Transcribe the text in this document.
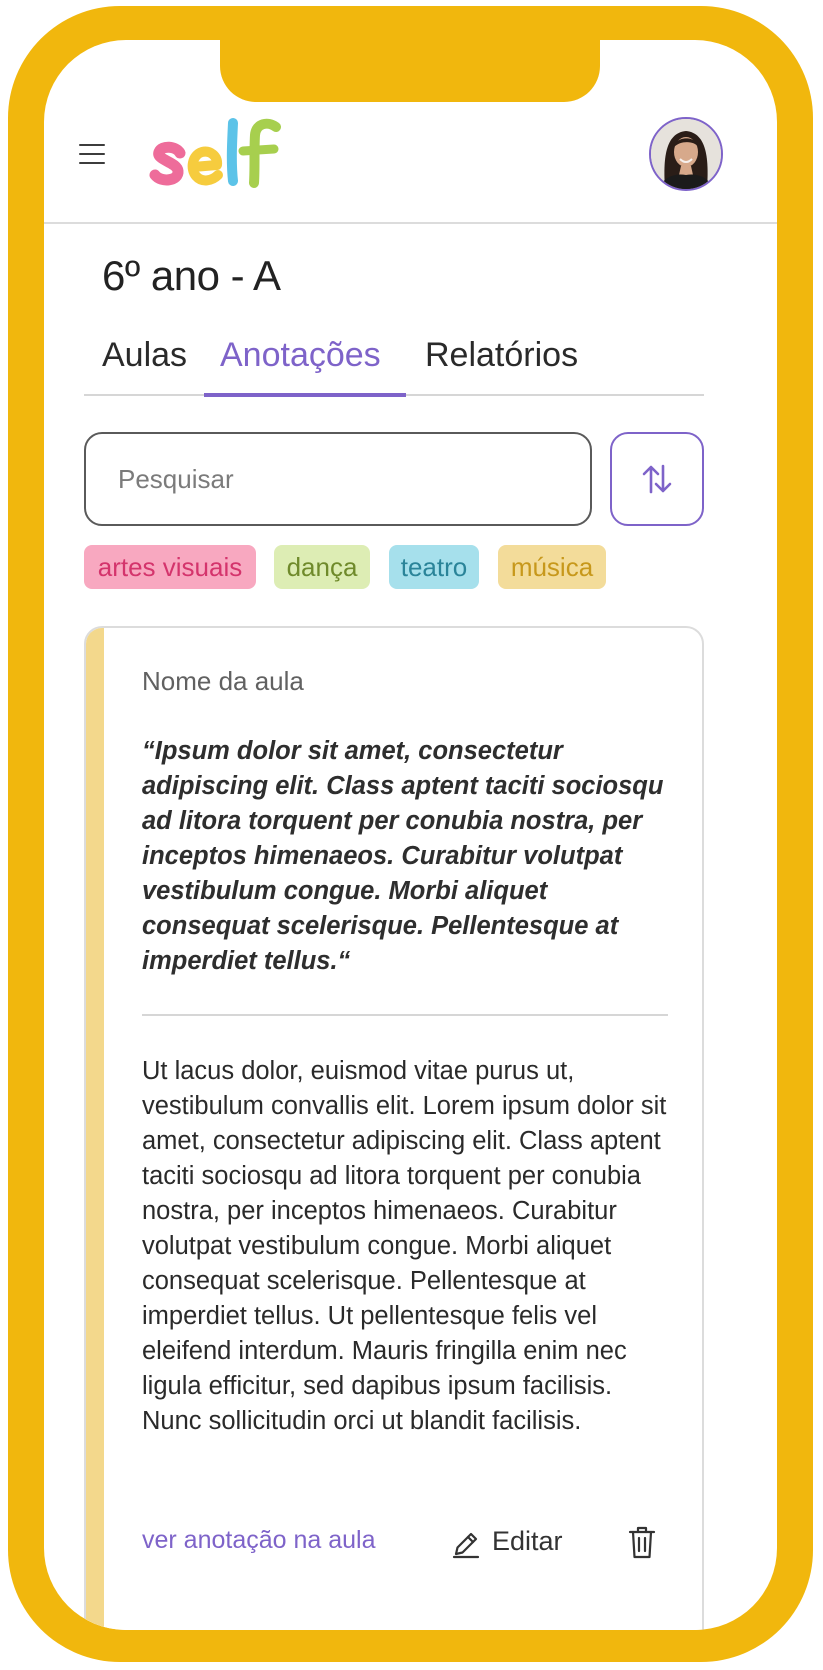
6º ano - A
Aulas Anotações Relatórios
Pesquisar
artes visuais	dança	teatro	música
Nome da aula

“Ipsum dolor sit amet, consectetur adipiscing elit. Class aptent taciti sociosqu ad litora torquent per conubia nostra, per inceptos himenaeos. Curabitur volutpat vestibulum congue. Morbi aliquet consequat scelerisque. Pellentesque at imperdiet tellus.“

Ut lacus dolor, euismod vitae purus ut, vestibulum convallis elit. Lorem ipsum dolor sit amet, consectetur adipiscing elit. Class aptent taciti sociosqu ad litora torquent per conubia nostra, per inceptos himenaeos. Curabitur volutpat vestibulum congue. Morbi aliquet consequat scelerisque. Pellentesque at imperdiet tellus. Ut pellentesque felis vel eleifend interdum. Mauris fringilla enim nec ligula efficitur, sed dapibus ipsum facilisis. Nunc sollicitudin orci ut blandit facilisis.

ver anotação na aula	Editar
